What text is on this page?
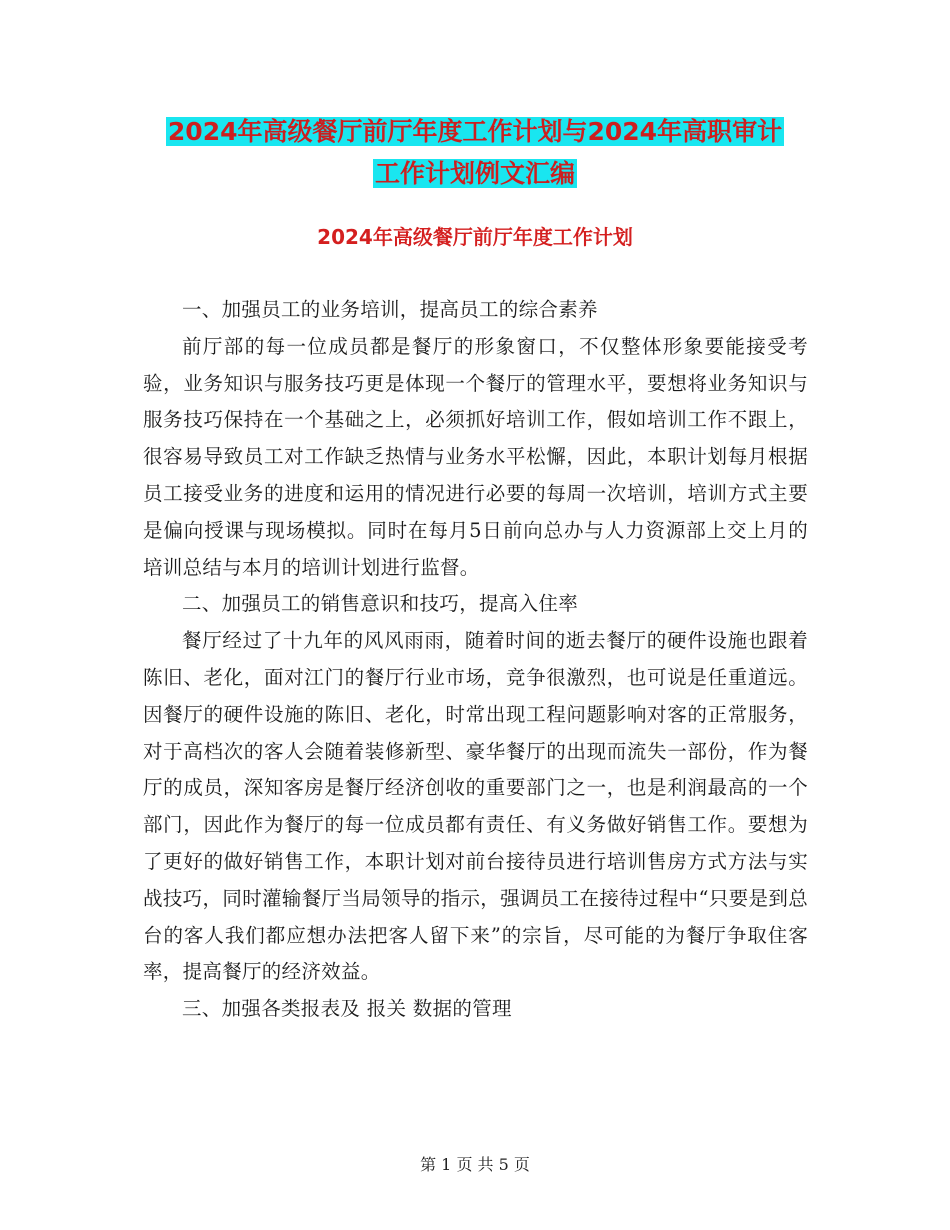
2024年高级餐厅前厅年度工作计划与2024年高职审计
工作计划例文汇编
2024年高级餐厅前厅年度工作计划

一、加强员工的业务培训，提高员工的综合素养

前厅部的每一位成员都是餐厅的形象窗口，不仅整体形象要能接受考验，业务知识与服务技巧更是体现一个餐厅的管理水平，要想将业务知识与服务技巧保持在一个基础之上，必须抓好培训工作，假如培训工作不跟上，很容易导致员工对工作缺乏热情与业务水平松懈，因此，本职计划每月根据员工接受业务的进度和运用的情况进行必要的每周一次培训，培训方式主要是偏向授课与现场模拟。同时在每月5日前向总办与人力资源部上交上月的培训总结与本月的培训计划进行监督。

二、加强员工的销售意识和技巧，提高入住率

餐厅经过了十九年的风风雨雨，随着时间的逝去餐厅的硬件设施也跟着陈旧、老化，面对江门的餐厅行业市场，竞争很激烈，也可说是任重道远。因餐厅的硬件设施的陈旧、老化，时常出现工程问题影响对客的正常服务，对于高档次的客人会随着装修新型、豪华餐厅的出现而流失一部份，作为餐厅的成员，深知客房是餐厅经济创收的重要部门之一，也是利润最高的一个部门，因此作为餐厅的每一位成员都有责任、有义务做好销售工作。要想为了更好的做好销售工作，本职计划对前台接待员进行培训售房方式方法与实战技巧，同时灌输餐厅当局领导的指示，强调员工在接待过程中“只要是到总台的客人我们都应想办法把客人留下来”的宗旨，尽可能的为餐厅争取住客率，提高餐厅的经济效益。

三、加强各类报表及 报关 数据的管理

第 1 页 共 5 页
